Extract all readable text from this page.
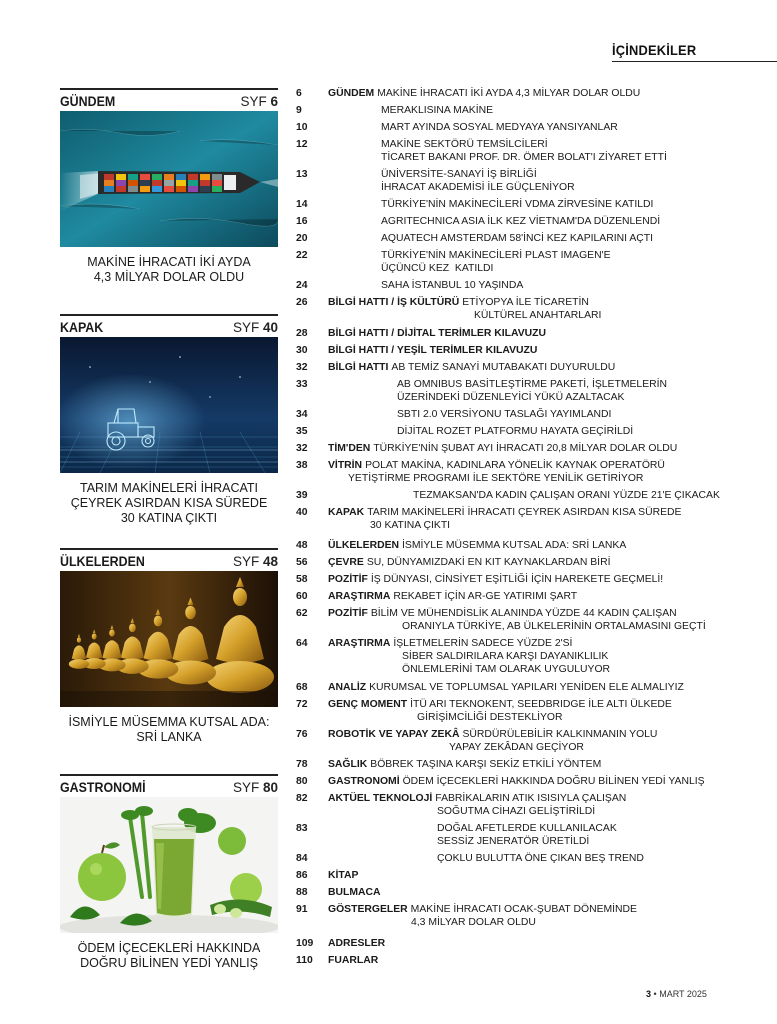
İÇİNDEKİLER
GÜNDEM	SYF 6
MAKİNE İHRACATI İKİ AYDA
4,3 MİLYAR DOLAR OLDU
KAPAK	SYF 40
TARIM MAKİNELERİ İHRACATI
ÇEYREK ASIRDAN KISA SÜREDE
30 KATINA ÇIKTI
ÜLKELERDEN	SYF 48
İSMİYLE MÜSEMMA KUTSAL ADA:
SRİ LANKA
GASTRONOMİ	SYF 80
ÖDEM İÇECEKLERİ HAKKINDA
DOĞRU BİLİNEN YEDİ YANLIŞ
6	GÜNDEM MAKİNE İHRACATI İKİ AYDA 4,3 MİLYAR DOLAR OLDU
9	MERAKLISINA MAKİNE
10	MART AYINDA SOSYAL MEDYAYA YANSIYANLAR
12	MAKİNE SEKTÖRÜ TEMSİLCİLERİ
TİCARET BAKANI PROF. DR. ÖMER BOLAT'I ZİYARET ETTİ
13	ÜNİVERSİTE-SANAYİ İŞ BİRLİĞİ
İHRACAT AKADEMİSİ İLE GÜÇLENİYOR
14	TÜRKİYE'NİN MAKİNECİLERİ VDMA ZİRVESİNE KATILDI
16	AGRITECHNICA ASIA İLK KEZ VİETNAM'DA DÜZENLENDİ
20	AQUATECH AMSTERDAM 58'İNCİ KEZ KAPILARINI AÇTI
22	TÜRKİYE'NİN MAKİNECİLERİ PLAST IMAGEN'E
ÜÇÜNCÜ KEZ  KATILDI
24	SAHA İSTANBUL 10 YAŞINDA
26	BİLGİ HATTI / İŞ KÜLTÜRÜ ETİYOPYA İLE TİCARETİN
KÜLTÜREL ANAHTARLARI
28	BİLGİ HATTI / DİJİTAL TERİMLER KILAVUZU
30	BİLGİ HATTI / YEŞİL TERİMLER KILAVUZU
32	BİLGİ HATTI AB TEMİZ SANAYİ MUTABAKATI DUYURULDU
33	AB OMNIBUS BASİTLEŞTİRME PAKETİ, İŞLETMELERİN
ÜZERİNDEKİ DÜZENLEYİCİ YÜKÜ AZALTACAK
34	SBTI 2.0 VERSİYONU TASLAĞI YAYIMLANDI
35	DİJİTAL ROZET PLATFORMU HAYATA GEÇİRİLDİ
32	TİM'DEN TÜRKİYE'NİN ŞUBAT AYI İHRACATI 20,8 MİLYAR DOLAR OLDU
38	VİTRİN POLAT MAKİNA, KADINLARA YÖNELİK KAYNAK OPERATÖRÜ
YETİŞTİRME PROGRAMI İLE SEKTÖRE YENİLİK GETİRİYOR
39	TEZMAKSAN'DA KADIN ÇALIŞAN ORANI YÜZDE 21'E ÇIKACAK
40	KAPAK TARIM MAKİNELERİ İHRACATI ÇEYREK ASIRDAN KISA SÜREDE
30 KATINA ÇIKTI
48	ÜLKELERDEN İSMİYLE MÜSEMMA KUTSAL ADA: SRİ LANKA
56	ÇEVRE SU, DÜNYAMIZDAKİ EN KIT KAYNAKLARDAN BİRİ
58	POZİTİF İŞ DÜNYASI, CİNSİYET EŞİTLİĞİ İÇİN HAREKETE GEÇMELİ!
60	ARAŞTIRMA REKABET İÇİN AR-GE YATIRIMI ŞART
62	POZİTİF BİLİM VE MÜHENDİSLİK ALANINDA YÜZDE 44 KADIN ÇALIŞAN
ORANIYLA TÜRKİYE, AB ÜLKELERİNİN ORTALAMASINI GEÇTİ
64	ARAŞTIRMA İŞLETMELERİN SADECE YÜZDE 2'Sİ
SİBER SALDIRILARA KARŞI DAYANIKLILIK
ÖNLEMLERİNİ TAM OLARAK UYGULUYOR
68	ANALİZ KURUMSAL VE TOPLUMSAL YAPILARI YENİDEN ELE ALMALIYIZ
72	GENÇ MOMENT İTÜ ARI TEKNOKENT, SEEDBRIDGE İLE ALTI ÜLKEDE
GİRİŞİMCİLİĞİ DESTEKLİYOR
76	ROBOTİK VE YAPAY ZEKÂ SÜRDÜRÜLEBİLİR KALKINMANIN YOLU
YAPAY ZEKÂDAN GEÇİYOR
78	SAĞLIK BÖBREK TAŞINA KARŞI SEKİZ ETKİLİ YÖNTEM
80	GASTRONOMİ ÖDEM İÇECEKLERİ HAKKINDA DOĞRU BİLİNEN YEDİ YANLIŞ
82	AKTÜEL TEKNOLOJİ FABRİKALARIN ATIK ISISIYLA ÇALIŞAN
SOĞUTMA CİHAZI GELİŞTİRİLDİ
83	DOĞAL AFETLERDE KULLANILACAK
SESSİZ JENERATÖR ÜRETİLDİ
84	ÇOKLU BULUTTA ÖNE ÇIKAN BEŞ TREND
86	KİTAP
88	BULMACA
91	GÖSTERGELER MAKİNE İHRACATI OCAK-ŞUBAT DÖNEMİNDE
4,3 MİLYAR DOLAR OLDU
109	ADRESLER
110	FUARLAR
3 • MART 2025
